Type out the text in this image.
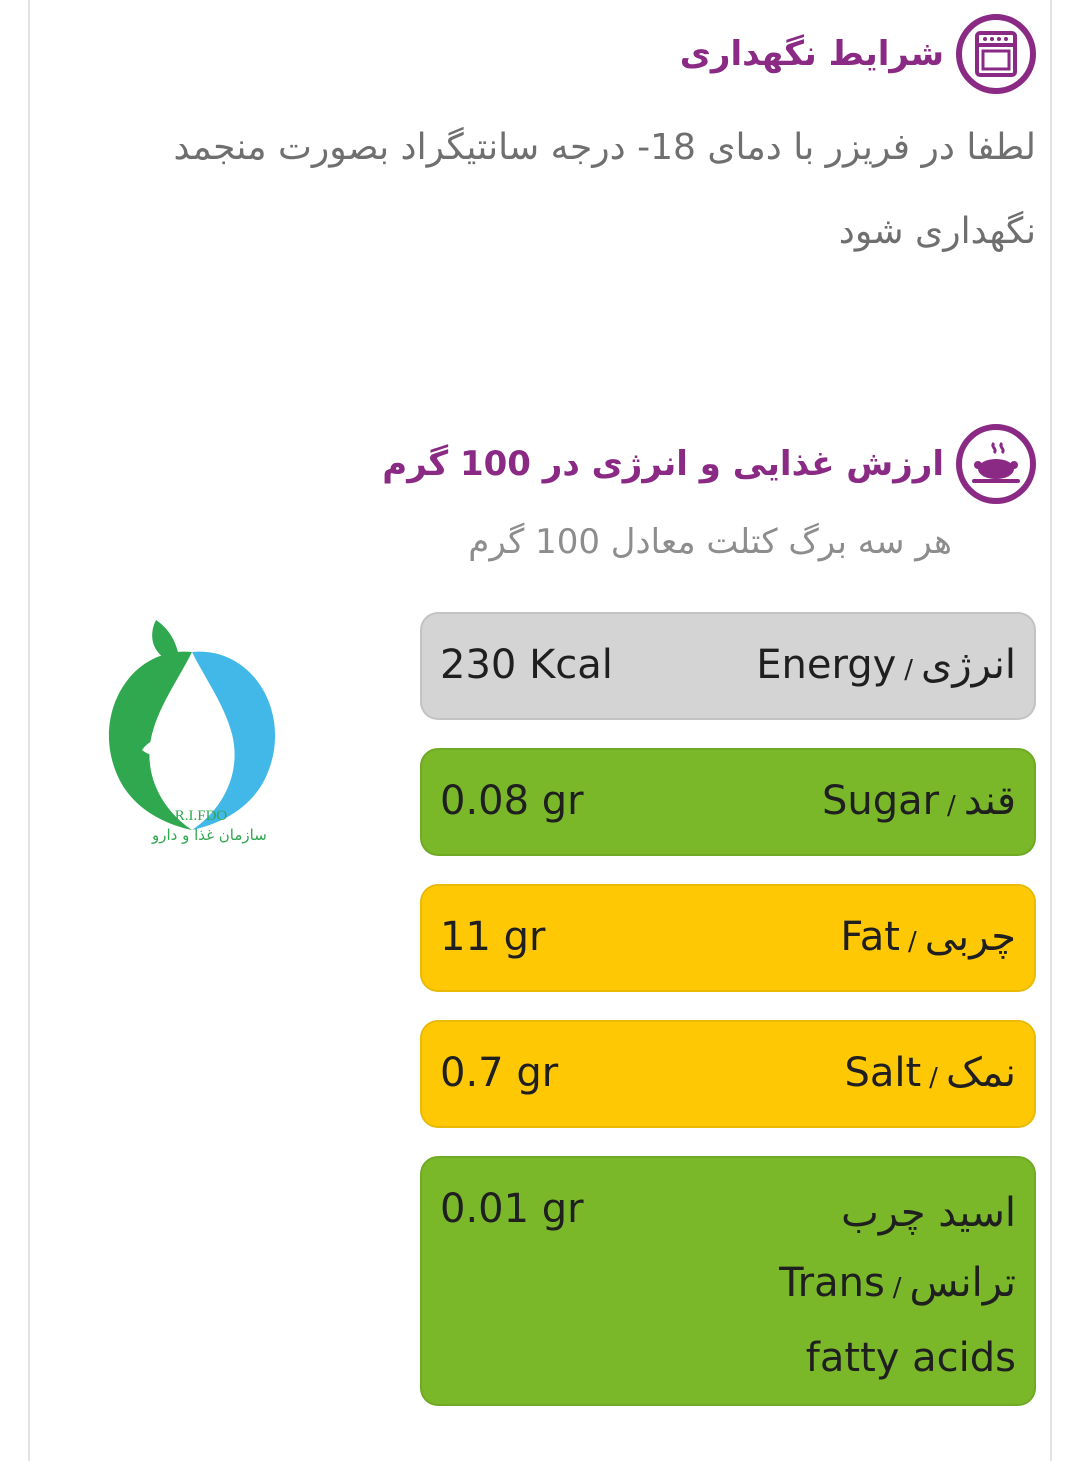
شرایط نگهداری
لطفا در فریزر با دمای 18- درجه سانتیگراد بصورت منجمد نگهداری شود
ارزش غذایی و انرژی در 100 گرم
هر سه برگ کتلت معادل 100 گرم
I.R.I.FDO
سازمان غذا و دارو
230 Kcal	انرژی/Energy
0.08 gr	قند/Sugar
11 gr	چربی/Fat
0.7 gr	نمک/Salt
0.01 gr	اسید چرب ترانس/Trans fatty acids
